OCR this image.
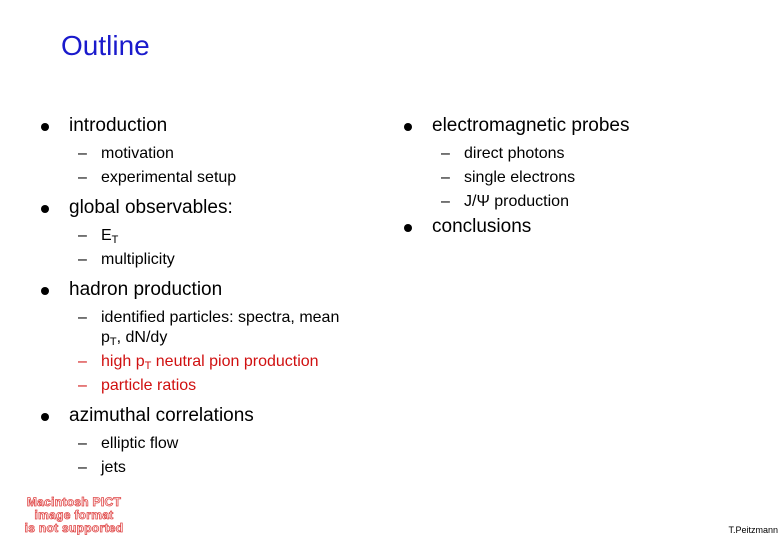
Outline
introduction
– motivation
– experimental setup
global observables:
– $E_T$
– multiplicity
hadron production
– identified particles: spectra, mean
$p_T$, dN/dy
– high $p_T$ neutral pion production
– particle ratios
azimuthal correlations
– elliptic flow
– jets
electromagnetic probes
– direct photons
– single electrons
– J/Ψ production
conclusions
Macintosh PICT
image format
is not supported	T.Peitzmann
